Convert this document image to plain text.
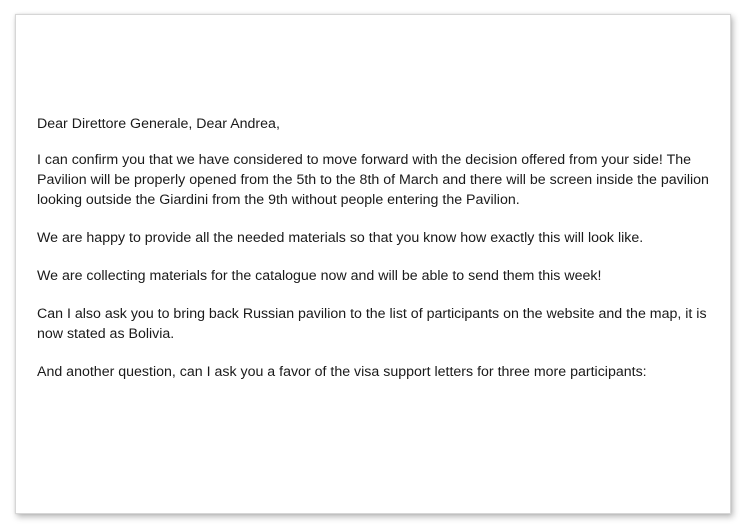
Dear Direttore Generale, Dear Andrea,

I can confirm you that we have considered to move forward with the decision offered from your side! The Pavilion will be properly opened from the 5th to the 8th of March and there will be screen inside the pavilion looking outside the Giardini from the 9th without people entering the Pavilion.

We are happy to provide all the needed materials so that you know how exactly this will look like.

We are collecting materials for the catalogue now and will be able to send them this week!

Can I also ask you to bring back Russian pavilion to the list of participants on the website and the map, it is now stated as Bolivia.

And another question, can I ask you a favor of the visa support letters for three more participants:
